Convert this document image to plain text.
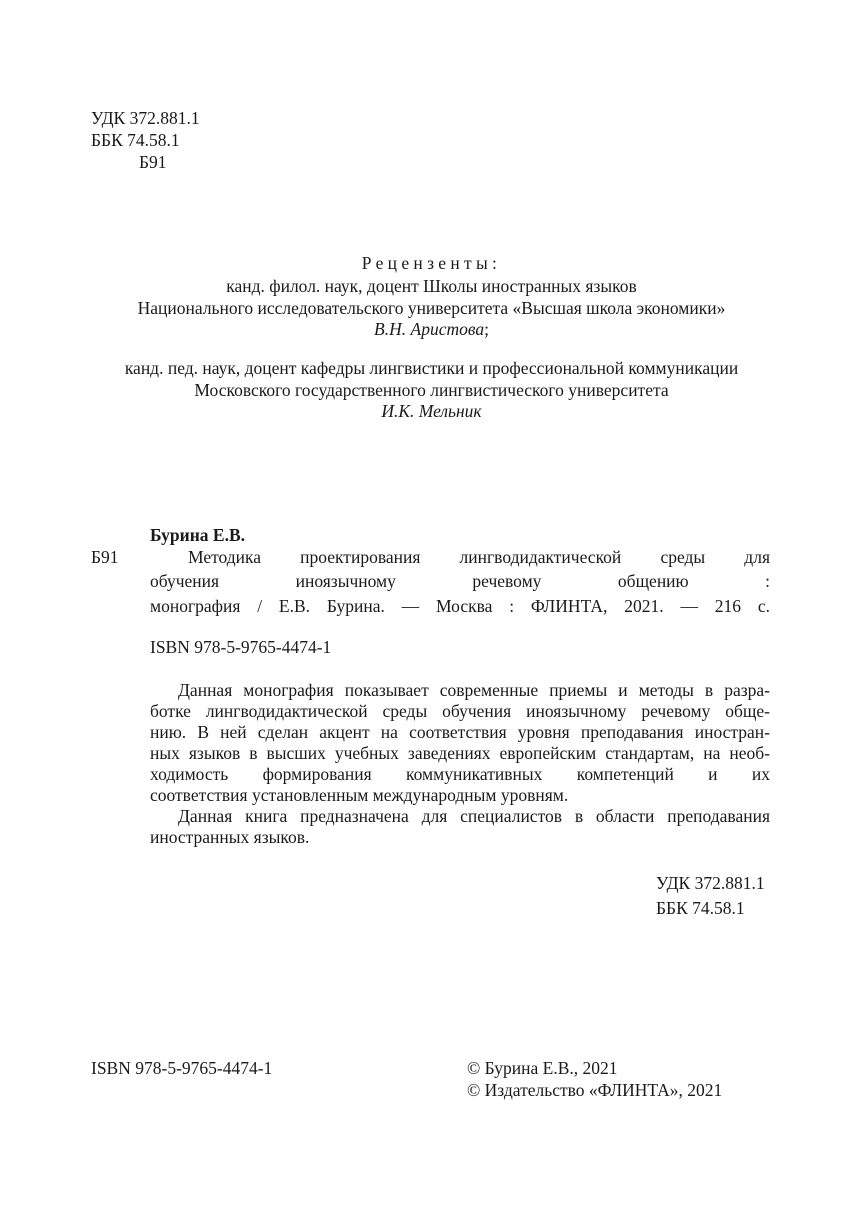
УДК 372.881.1
ББК 74.58.1
Б91
Рецензенты:
канд. филол. наук, доцент Школы иностранных языков
Национального исследовательского университета «Высшая школа экономики»
В.Н. Аристова;
канд. пед. наук, доцент кафедры лингвистики и профессиональной коммуникации
Московского государственного лингвистического университета
И.К. Мельник
Бурина Е.В.
Б91	Методика проектирования лингводидактической среды для
обучения иноязычному речевому общению :
монография / Е.В. Бурина. — Москва : ФЛИНТА, 2021. — 216 с.
ISBN 978-5-9765-4474-1
Данная монография показывает современные приемы и методы в разра-
ботке лингводидактической среды обучения иноязычному речевому обще-
нию. В ней сделан акцент на соответствия уровня преподавания иностран-
ных языков в высших учебных заведениях европейским стандартам, на необ-
ходимость формирования коммуникативных компетенций и их
соответствия установленным международным уровням.
Данная книга предназначена для специалистов в области преподавания
иностранных языков.
УДК 372.881.1
ББК 74.58.1
ISBN 978-5-9765-4474-1	© Бурина Е.В., 2021
© Издательство «ФЛИНТА», 2021
